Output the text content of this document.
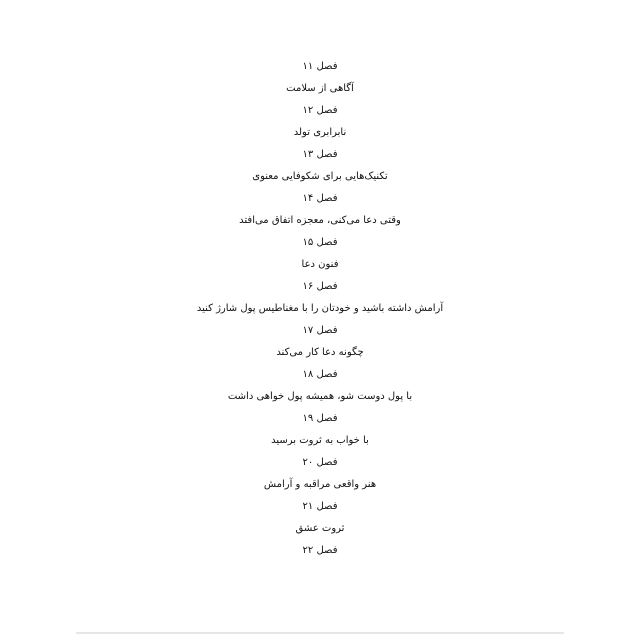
فصل ۱۱
آگاهی از سلامت
فصل ۱۲
نابرابری تولد
فصل ۱۳
تکنیک‌هایی برای شکوفایی معنوی
فصل ۱۴
وقتی دعا می‌کنی، معجزه اتفاق می‌افتد
فصل ۱۵
فنون دعا
فصل ۱۶
آرامش داشته باشید و خودتان را با مغناطیس پول شارژ کنید
فصل ۱۷
چگونه دعا کار می‌کند
فصل ۱۸
با پول دوست شو، همیشه پول خواهی داشت
فصل ۱۹
با خواب به ثروت برسید
فصل ۲۰
هنر واقعی مراقبه و آرامش
فصل ۲۱
ثروت عشق
فصل ۲۲
